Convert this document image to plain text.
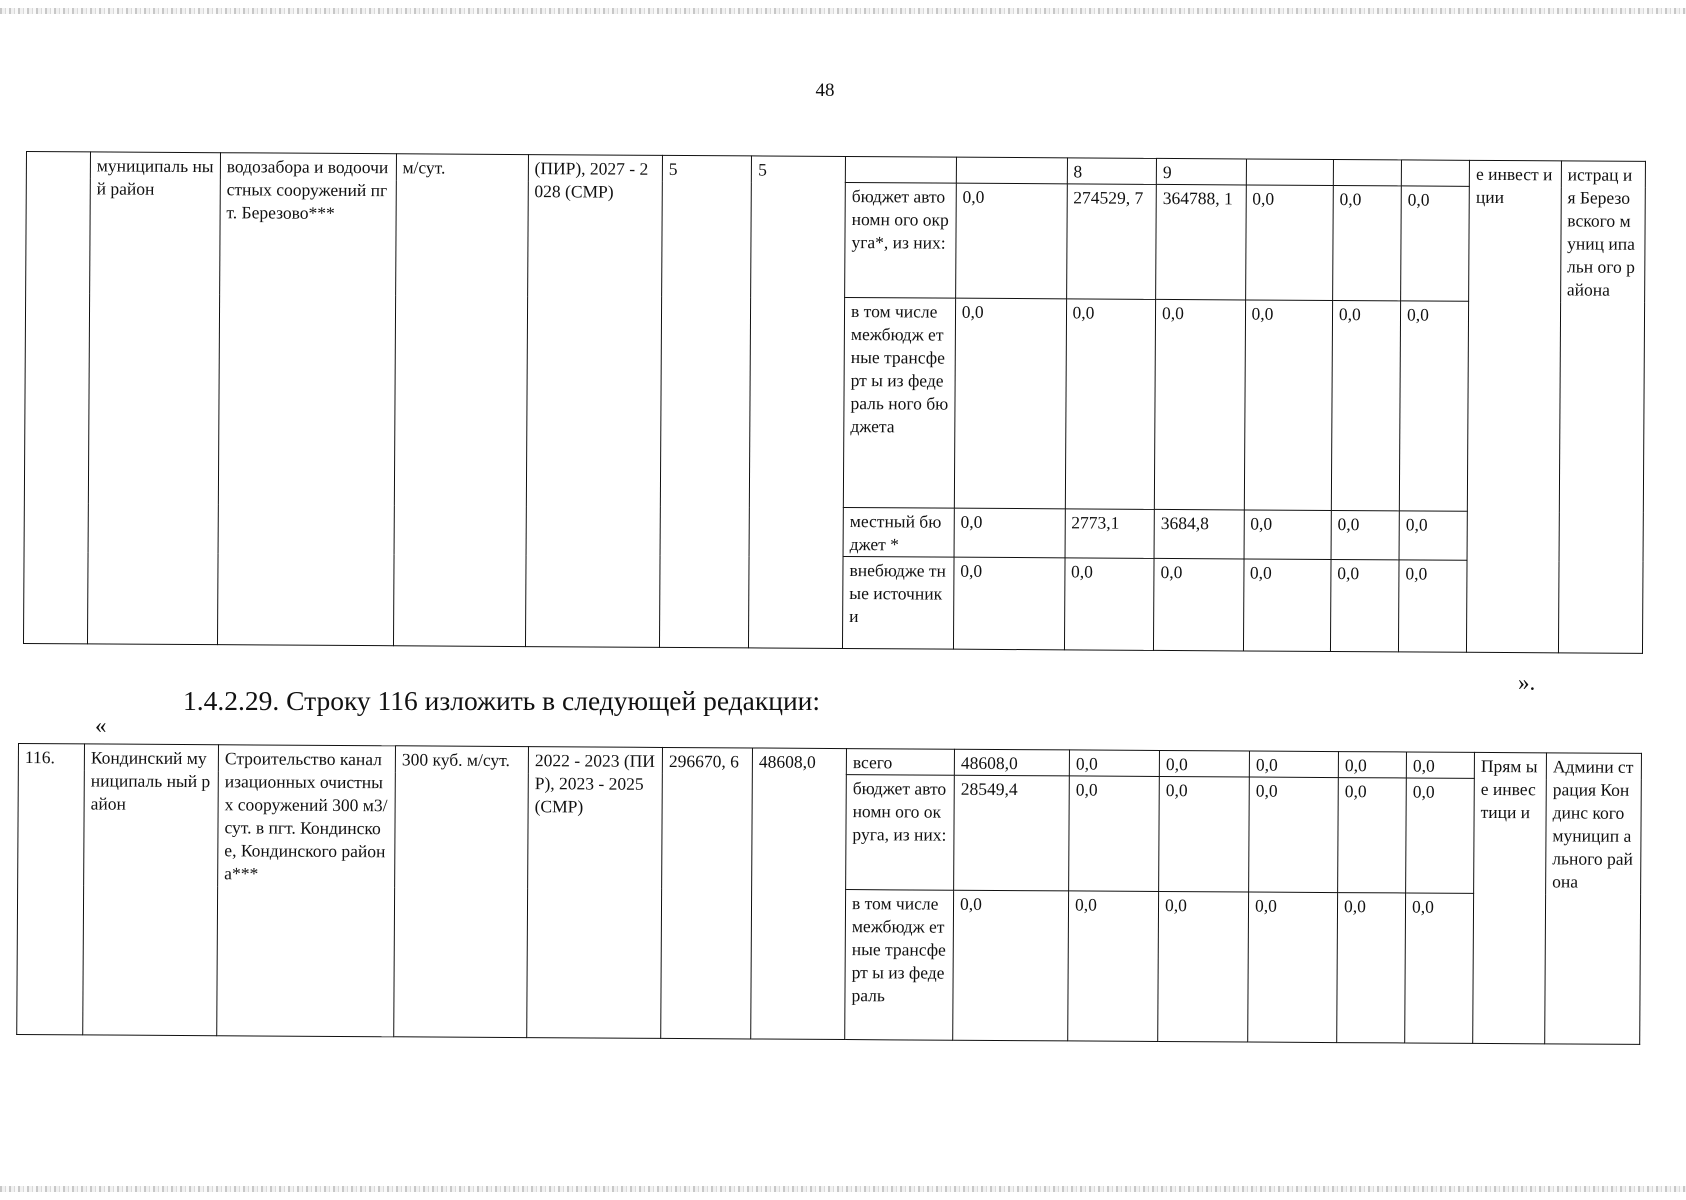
48
	муниципаль ный район	водозабора и водоочистных сооружений пгт. Березово***	м/сут.	(ПИР), 2027 - 2028 (СМР)	5	5			8	9				е инвест иции	истрац ия Березо вского муниц ипальн ого района
							бюджет автономн ого округа*, из них:	0,0	274529, 7	364788, 1	0,0	0,0	0,0		
							в том числе межбюдж етные трансферт ы из федераль ного бюджета	0,0	0,0	0,0	0,0	0,0	0,0		
							местный бюджет *	0,0	2773,1	3684,8	0,0	0,0	0,0		
							внебюдже тные источник и	0,0	0,0	0,0	0,0	0,0	0,0		
».
1.4.2.29. Строку 116 изложить в следующей редакции:
«
116.	Кондинский муниципаль ный район	Строительство канализационных очистных сооружений 300 м3/сут. в пгт. Кондинское, Кондинского района***	300 куб. м/сут.	2022 - 2023 (ПИР), 2023 - 2025 (СМР)	296670, 6	48608,0	всего	48608,0	0,0	0,0	0,0	0,0	0,0	Прям ые инвес тици и	Админи страция Кондинс кого муницип ального района
							бюджет автономн ого округа, из них:	28549,4	0,0	0,0	0,0	0,0	0,0		
							в том числе межбюдж етные трансферт ы из федераль	0,0	0,0	0,0	0,0	0,0	0,0		
